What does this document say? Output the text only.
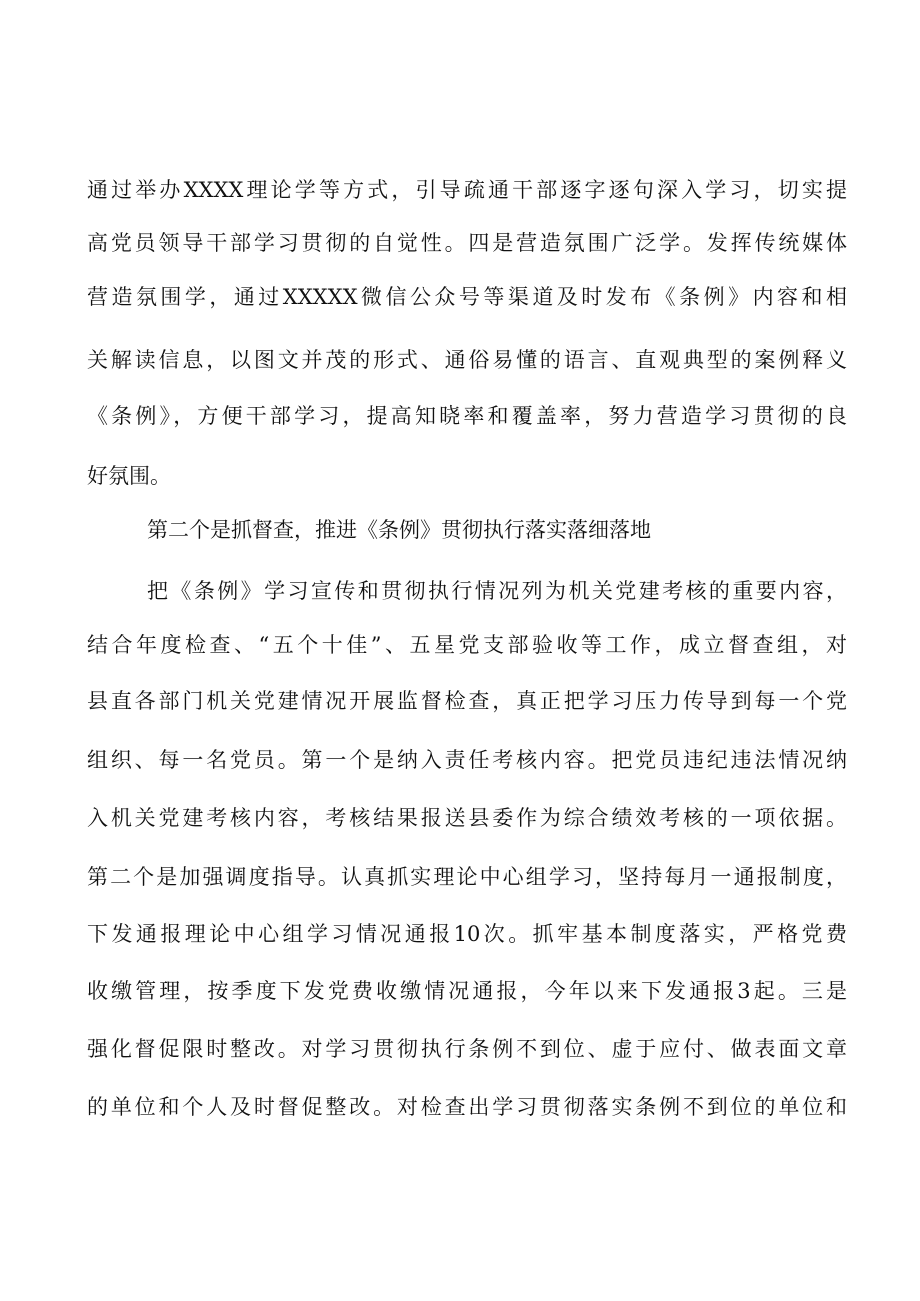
通过举办XXXX理论学等方式，引导疏通干部逐字逐句深入学习，切实提
高党员领导干部学习贯彻的自觉性。四是营造氛围广泛学。发挥传统媒体
营造氛围学，通过XXXXX微信公众号等渠道及时发布《条例》内容和相
关解读信息，以图文并茂的形式、通俗易懂的语言、直观典型的案例释义
《条例》，方便干部学习，提高知晓率和覆盖率，努力营造学习贯彻的良
好氛围。
第二个是抓督查，推进《条例》贯彻执行落实落细落地
把《条例》学习宣传和贯彻执行情况列为机关党建考核的重要内容，
结合年度检查、“五个十佳”、五星党支部验收等工作，成立督查组，对
县直各部门机关党建情况开展监督检查，真正把学习压力传导到每一个党
组织、每一名党员。第一个是纳入责任考核内容。把党员违纪违法情况纳
入机关党建考核内容，考核结果报送县委作为综合绩效考核的一项依据。
第二个是加强调度指导。认真抓实理论中心组学习，坚持每月一通报制度，
下发通报理论中心组学习情况通报10次。抓牢基本制度落实，严格党费
收缴管理，按季度下发党费收缴情况通报，今年以来下发通报3起。三是
强化督促限时整改。对学习贯彻执行条例不到位、虚于应付、做表面文章
的单位和个人及时督促整改。对检查出学习贯彻落实条例不到位的单位和
